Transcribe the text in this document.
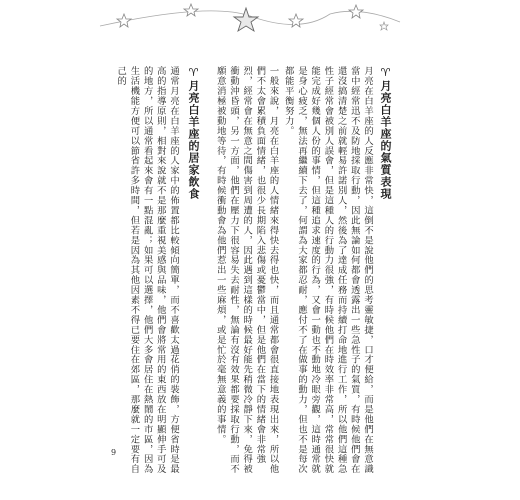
♈月亮白羊座的氣質表現

月亮在白羊座的人反應非常快，這倒不是說他們的思考靈敏捷，口才便給，而是他們在無意識當中經常迅不及防地採取行動，因此無論如何都會透露出一些急性子的氣質，有時候他們會在還沒搞清楚之前就輕易許諾別人，然後為了達成任務而持續打命地進行工作，所以他們這種急性子經常會被別人誤會，但是這種人的行動力很強，有時候他們在時效率非常高，常常很快就能完成好幾個人份的事情，但這種追求速度的行為，又會一動也不動地冷眼旁觀，這時通常就是身心疲乏，無法再繼續下去了，何謂為大家都忍耐，應付不了在做事的動力，但也不是每次都能平衡努力。

一般來說，月亮在白羊座的人情緒來得快去得也快，而且通常都會很直接地表現出來，所以他們不太會累積負面情緒，也很少長期陷入悲傷或憂鬱當中，但是他們在當下的情緒會非常強烈，經常會在無意之間傷害到周遭的人，因此遇到這樣的時候最好能先稍微冷靜下來，免得被衝動沖昏頭，另一方面，他們在壓力下很容易失去耐性，無論有沒有效果都要採取行動，而不願意消極被動地等待，有時候衝動會為他們惹出一些麻煩，或是忙於毫無意義的事情。

♈月亮白羊座的居家飲食

通常月亮在白羊座的人家中的佈置都比較傾向簡單，而不喜歡太過花俏的裝飾，方便省時是最高的指導原則，相對來說就不是那麼重視美感與品味，他們會將常用的東西放在明顯伸手可及的地方，所以通常看起來會有一點混亂；如果可以選擇，他們大多會居住在熱鬧的市區，因為生活機能方便可以節省許多時間，但若是因為其他因素不得已要住在郊區，那麼就一定要有自己的

9
